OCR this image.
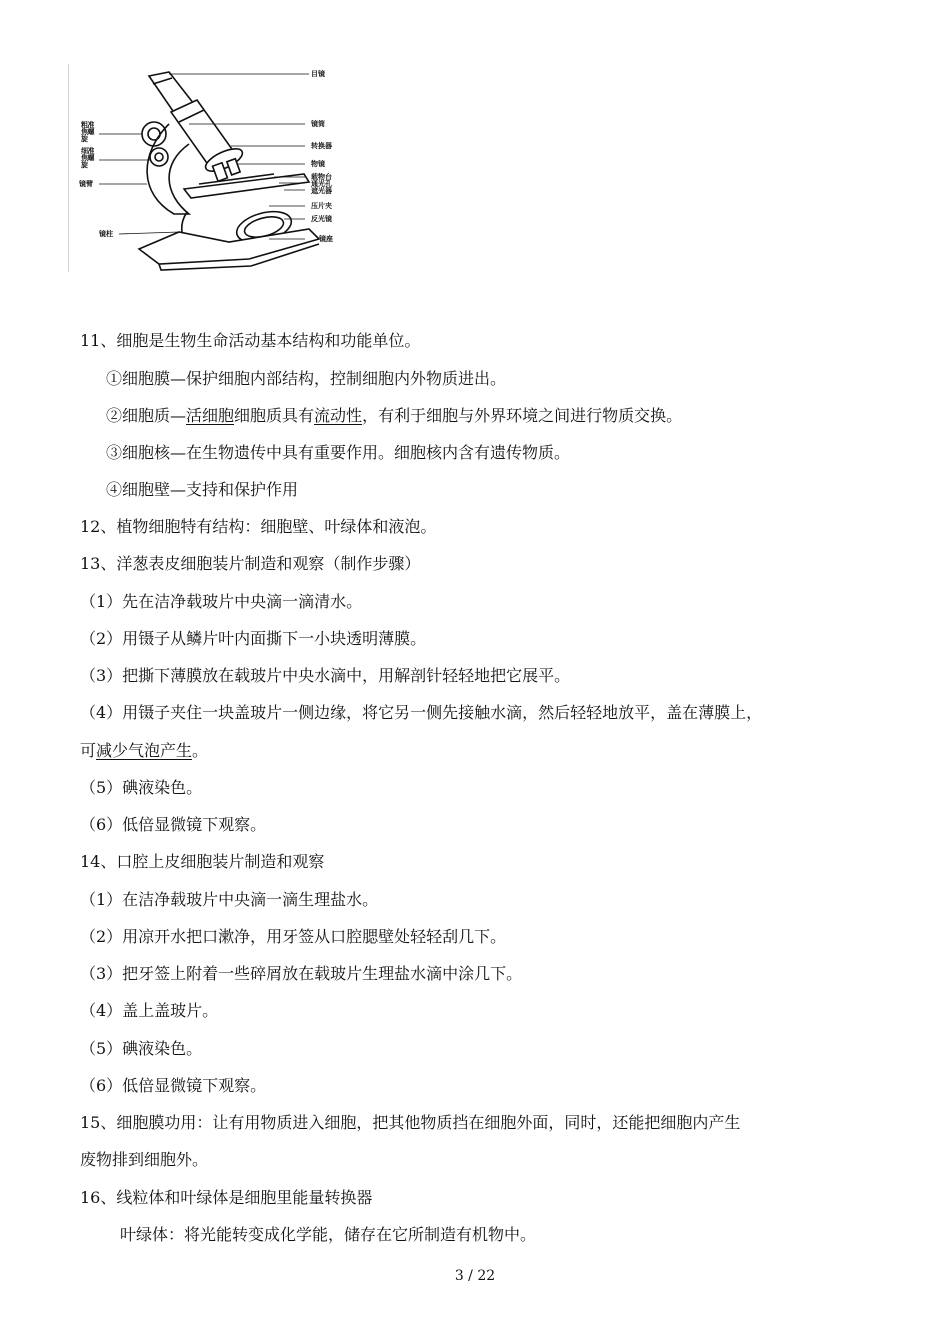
目镜
镜筒
转换器
物镜
载物台
通光孔
遮光器
压片夹
反光镜
镜座
粗准焦螺旋
细准焦螺旋
镜臂
镜柱
11、细胞是生物生命活动基本结构和功能单位。
①细胞膜—保护细胞内部结构，控制细胞内外物质进出。
②细胞质—活细胞细胞质具有流动性，有利于细胞与外界环境之间进行物质交换。
③细胞核—在生物遗传中具有重要作用。细胞核内含有遗传物质。
④细胞壁—支持和保护作用
12、植物细胞特有结构：细胞壁、叶绿体和液泡。
13、洋葱表皮细胞装片制造和观察（制作步骤）
（1）先在洁净载玻片中央滴一滴清水。
（2）用镊子从鳞片叶内面撕下一小块透明薄膜。
（3）把撕下薄膜放在载玻片中央水滴中，用解剖针轻轻地把它展平。
（4）用镊子夹住一块盖玻片一侧边缘，将它另一侧先接触水滴，然后轻轻地放平，盖在薄膜上，
可减少气泡产生。
（5）碘液染色。
（6）低倍显微镜下观察。
14、口腔上皮细胞装片制造和观察
（1）在洁净载玻片中央滴一滴生理盐水。
（2）用凉开水把口漱净，用牙签从口腔腮壁处轻轻刮几下。
（3）把牙签上附着一些碎屑放在载玻片生理盐水滴中涂几下。
（4）盖上盖玻片。
（5）碘液染色。
（6）低倍显微镜下观察。
15、细胞膜功用：让有用物质进入细胞，把其他物质挡在细胞外面，同时，还能把细胞内产生
废物排到细胞外。
16、线粒体和叶绿体是细胞里能量转换器
叶绿体：将光能转变成化学能，储存在它所制造有机物中。
3 / 22
